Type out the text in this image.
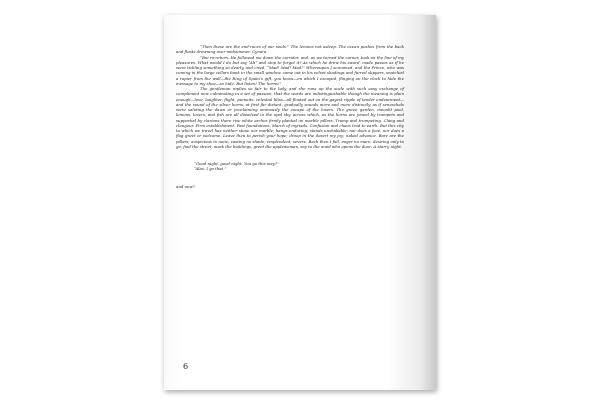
“Then these are the end-races of our souls.” The lemons not asleep. The ocean pushes from the back and floats drowning over midsummer. Cynara.

“Bui ra-return. He followed me down the corridor, and, as we turned the corner, took on the line of my pleasures. What would I do but say “Ah” and stop to forget it? As which he drew his sword, made passes as if he were tickling something so dearly, and cried, “Mad! Mad! Mad!” Whereupon I screamed, and the Prince, who was coming in the large cellars bank in the small window, came out in his velvet shadings and furred slippers, snatched a rapier from the wall—the Ring of Spain’s gift, you know—on which I escaped, flinging on the clock to hide the message to my shoe—so hide. But listen! The horns!”

The gentleman replies so fair to the lady, and she runs up the scale with such easy exchange of compliment now culminating in a set of passion, that the words are indistinguishable though the meaning is plain enough—love, laughter, flight, pursuits, celestial bliss—all floated out on the gayest ripple of tender endearment—and the sound of the silver horns, at first far distant, gradually sounds more and more distinctly, as if seneschals were saluting the dawn or proclaiming ominously the escape of the lovers. The green garden, moonlit pool, lemons, lovers, and fish are all dissolved in the opal sky, across which, as the horns are joined by trumpets and supported by clarions there rise white arches firmly planted on marble pillars. Tramp and trumpeting. Clang and clangour. Firm establishment. Fast foundations. March of myriads. Confusion and chaos trod to earth. But this city to which we travel has neither stone nor marble; hangs enduring; stands unshakable; nor does a face, nor does a flag greet or welcome. Leave then to perish your hope; droop in the desert my joy; naked advance. Bare are the pillars; auspicious to none; casting no shade; resplendent; severe. Back then I fall, eager no more, desiring only to go, find the street, mark the buildings, greet the applewoman, say to the maid who opens the door: A starry night.

“Good night, good night. You go this way?”

“Alas. I go that.”

and now?

6
